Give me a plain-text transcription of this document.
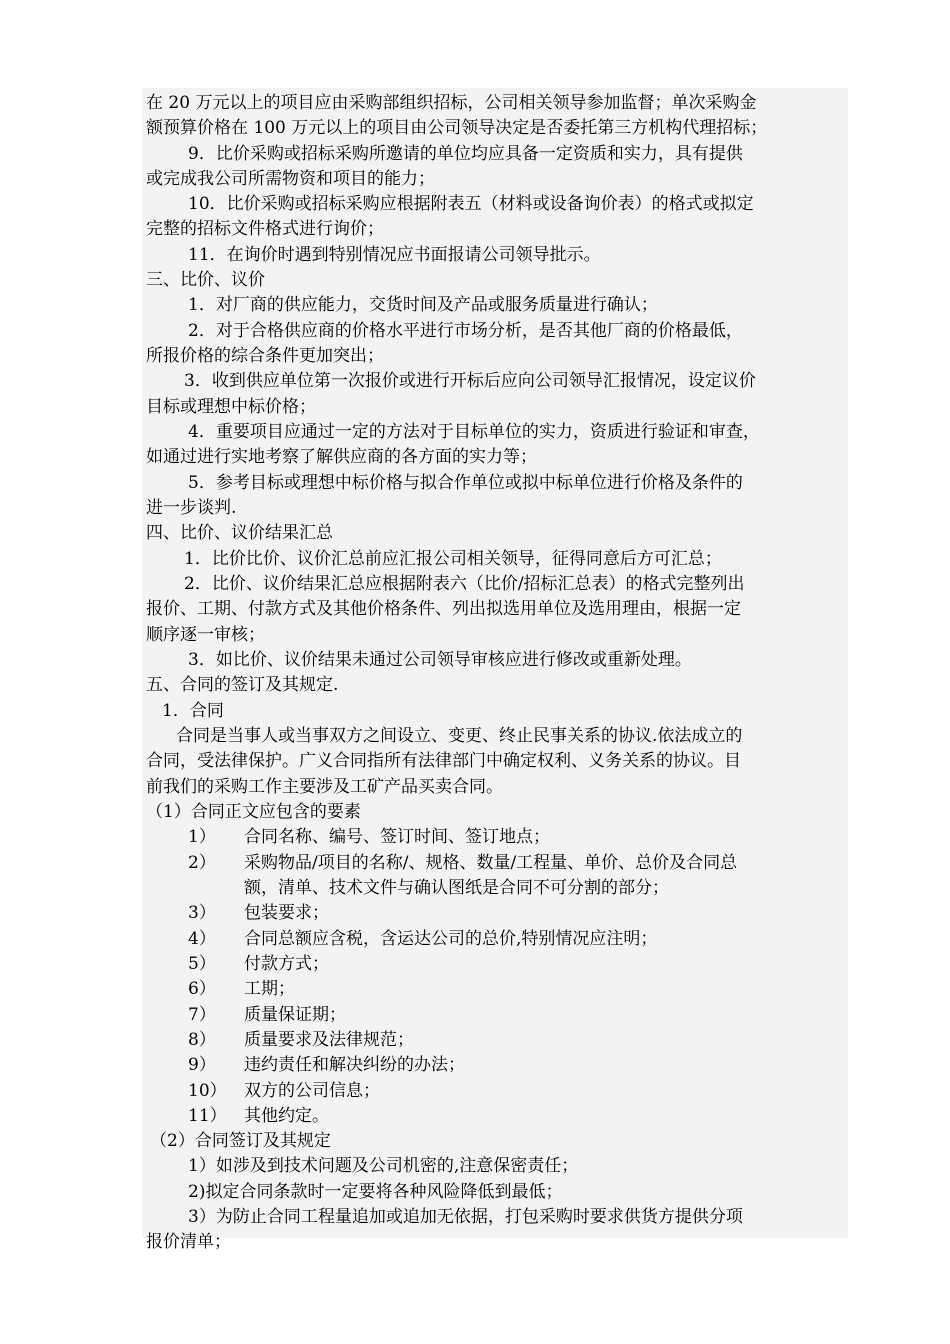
在 20 万元以上的项目应由采购部组织招标，公司相关领导参加监督；单次采购金
额预算价格在 100 万元以上的项目由公司领导决定是否委托第三方机构代理招标；
9．比价采购或招标采购所邀请的单位均应具备一定资质和实力，具有提供
或完成我公司所需物资和项目的能力；
10．比价采购或招标采购应根据附表五（材料或设备询价表）的格式或拟定
完整的招标文件格式进行询价；
11．在询价时遇到特别情况应书面报请公司领导批示。
三、比价、议价
1．对厂商的供应能力，交货时间及产品或服务质量进行确认；
2．对于合格供应商的价格水平进行市场分析，是否其他厂商的价格最低，
所报价格的综合条件更加突出；
3．收到供应单位第一次报价或进行开标后应向公司领导汇报情况，设定议价
目标或理想中标价格；
4．重要项目应通过一定的方法对于目标单位的实力，资质进行验证和审查，
如通过进行实地考察了解供应商的各方面的实力等；
5．参考目标或理想中标价格与拟合作单位或拟中标单位进行价格及条件的
进一步谈判.
四、比价、议价结果汇总
1．比价比价、议价汇总前应汇报公司相关领导，征得同意后方可汇总；
2．比价、议价结果汇总应根据附表六（比价/招标汇总表）的格式完整列出
报价、工期、付款方式及其他价格条件、列出拟选用单位及选用理由，根据一定
顺序逐一审核；
3．如比价、议价结果未通过公司领导审核应进行修改或重新处理。
五、合同的签订及其规定.
1．合同
合同是当事人或当事双方之间设立、变更、终止民事关系的协议.依法成立的
合同，受法律保护。广义合同指所有法律部门中确定权利、义务关系的协议。目
前我们的采购工作主要涉及工矿产品买卖合同。
（1）合同正文应包含的要素
1） 合同名称、编号、签订时间、签订地点；
2） 采购物品/项目的名称/、规格、数量/工程量、单价、总价及合同总
额，清单、技术文件与确认图纸是合同不可分割的部分；
3） 包装要求；
4） 合同总额应含税，含运达公司的总价,特别情况应注明；
5） 付款方式；
6） 工期；
7） 质量保证期；
8） 质量要求及法律规范；
9） 违约责任和解决纠纷的办法；
10） 双方的公司信息；
11） 其他约定。
（2）合同签订及其规定
1）如涉及到技术问题及公司机密的,注意保密责任；
2)拟定合同条款时一定要将各种风险降低到最低；
3）为防止合同工程量追加或追加无依据，打包采购时要求供货方提供分项
报价清单；
